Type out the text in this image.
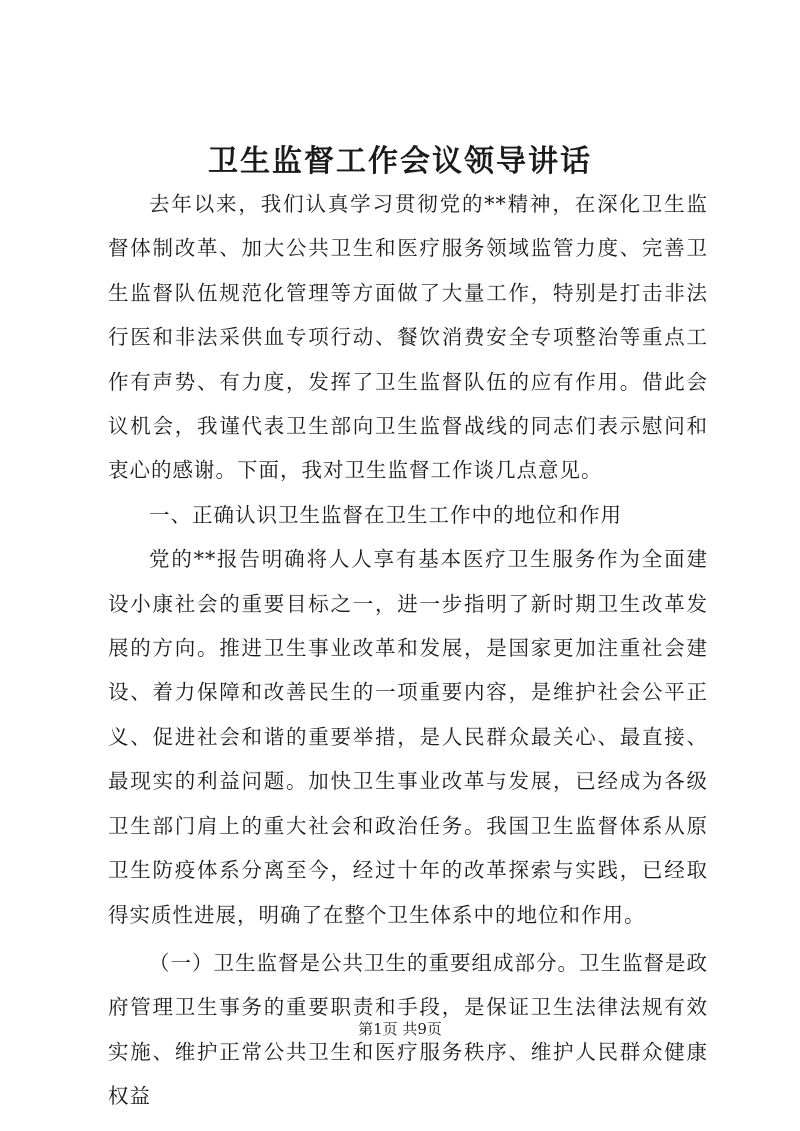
卫生监督工作会议领导讲话

去年以来，我们认真学习贯彻党的**精神，在深化卫生监督体制改革、加大公共卫生和医疗服务领域监管力度、完善卫生监督队伍规范化管理等方面做了大量工作，特别是打击非法行医和非法采供血专项行动、餐饮消费安全专项整治等重点工作有声势、有力度，发挥了卫生监督队伍的应有作用。借此会议机会，我谨代表卫生部向卫生监督战线的同志们表示慰问和衷心的感谢。下面，我对卫生监督工作谈几点意见。

一、正确认识卫生监督在卫生工作中的地位和作用

党的**报告明确将人人享有基本医疗卫生服务作为全面建设小康社会的重要目标之一，进一步指明了新时期卫生改革发展的方向。推进卫生事业改革和发展，是国家更加注重社会建设、着力保障和改善民生的一项重要内容，是维护社会公平正义、促进社会和谐的重要举措，是人民群众最关心、最直接、最现实的利益问题。加快卫生事业改革与发展，已经成为各级卫生部门肩上的重大社会和政治任务。我国卫生监督体系从原卫生防疫体系分离至今，经过十年的改革探索与实践，已经取得实质性进展，明确了在整个卫生体系中的地位和作用。

（一）卫生监督是公共卫生的重要组成部分。卫生监督是政府管理卫生事务的重要职责和手段，是保证卫生法律法规有效实施、维护正常公共卫生和医疗服务秩序、维护人民群众健康权益

第1页 共9页
